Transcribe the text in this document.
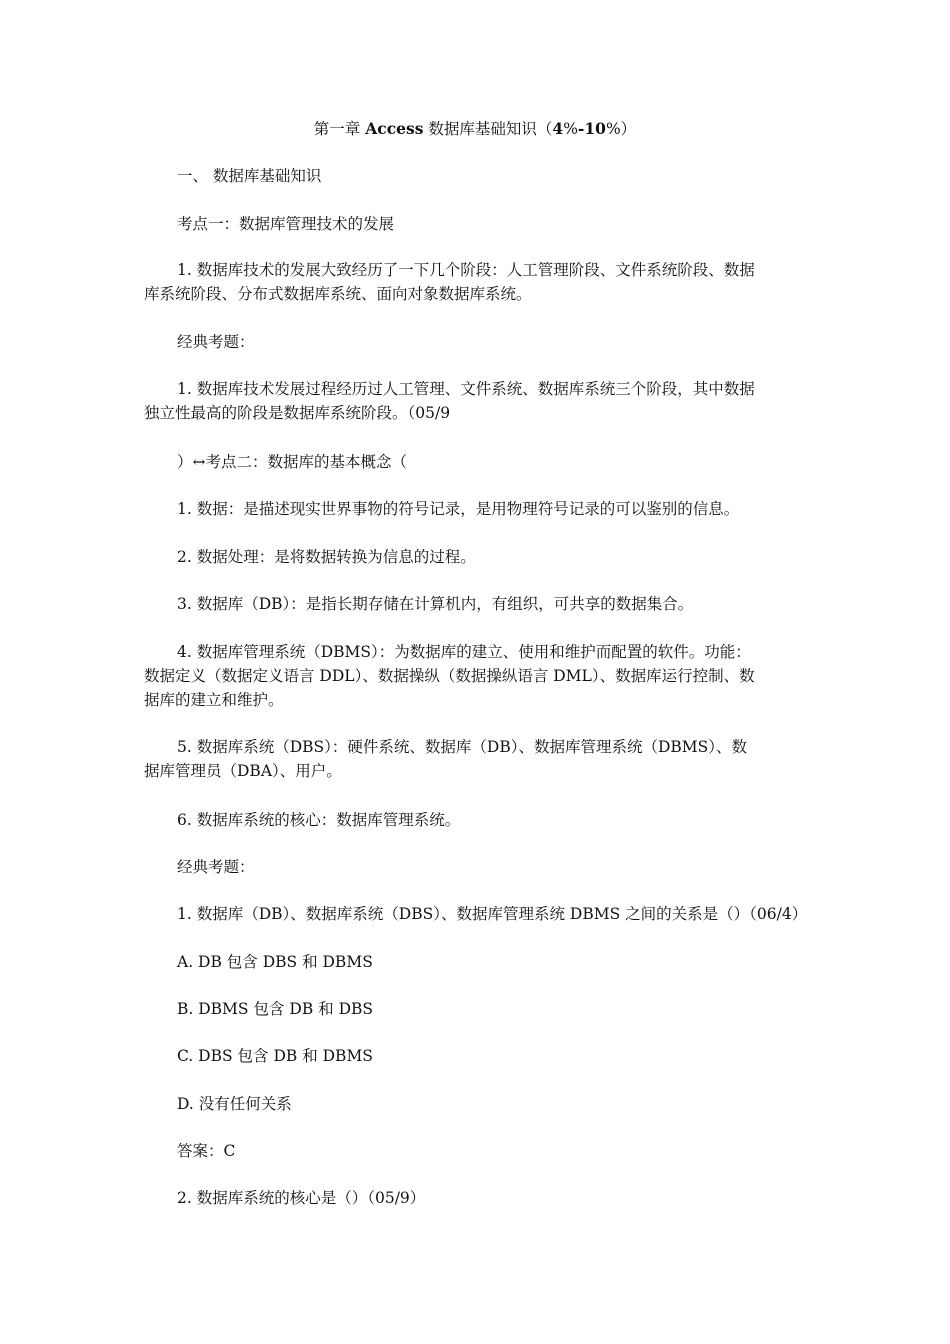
第一章 Access 数据库基础知识（4%-10%）
一、 数据库基础知识
考点一：数据库管理技术的发展
1. 数据库技术的发展大致经历了一下几个阶段：人工管理阶段、文件系统阶段、数据
库系统阶段、分布式数据库系统、面向对象数据库系统。
经典考题：
1. 数据库技术发展过程经历过人工管理、文件系统、数据库系统三个阶段，其中数据
独立性最高的阶段是数据库系统阶段。（05/9
）↔考点二：数据库的基本概念（
1. 数据：是描述现实世界事物的符号记录，是用物理符号记录的可以鉴别的信息。
2. 数据处理：是将数据转换为信息的过程。
3. 数据库（DB）：是指长期存储在计算机内，有组织，可共享的数据集合。
4. 数据库管理系统（DBMS）：为数据库的建立、使用和维护而配置的软件。功能：
数据定义（数据定义语言 DDL）、数据操纵（数据操纵语言 DML）、数据库运行控制、数
据库的建立和维护。
5. 数据库系统（DBS）：硬件系统、数据库（DB）、数据库管理系统（DBMS）、数
据库管理员（DBA）、用户。
6. 数据库系统的核心：数据库管理系统。
经典考题：
1. 数据库（DB）、数据库系统（DBS）、数据库管理系统 DBMS 之间的关系是（）（06/4）
A. DB 包含 DBS 和 DBMS
B. DBMS 包含 DB 和 DBS
C. DBS 包含 DB 和 DBMS
D. 没有任何关系
答案：C
2. 数据库系统的核心是（）（05/9）
